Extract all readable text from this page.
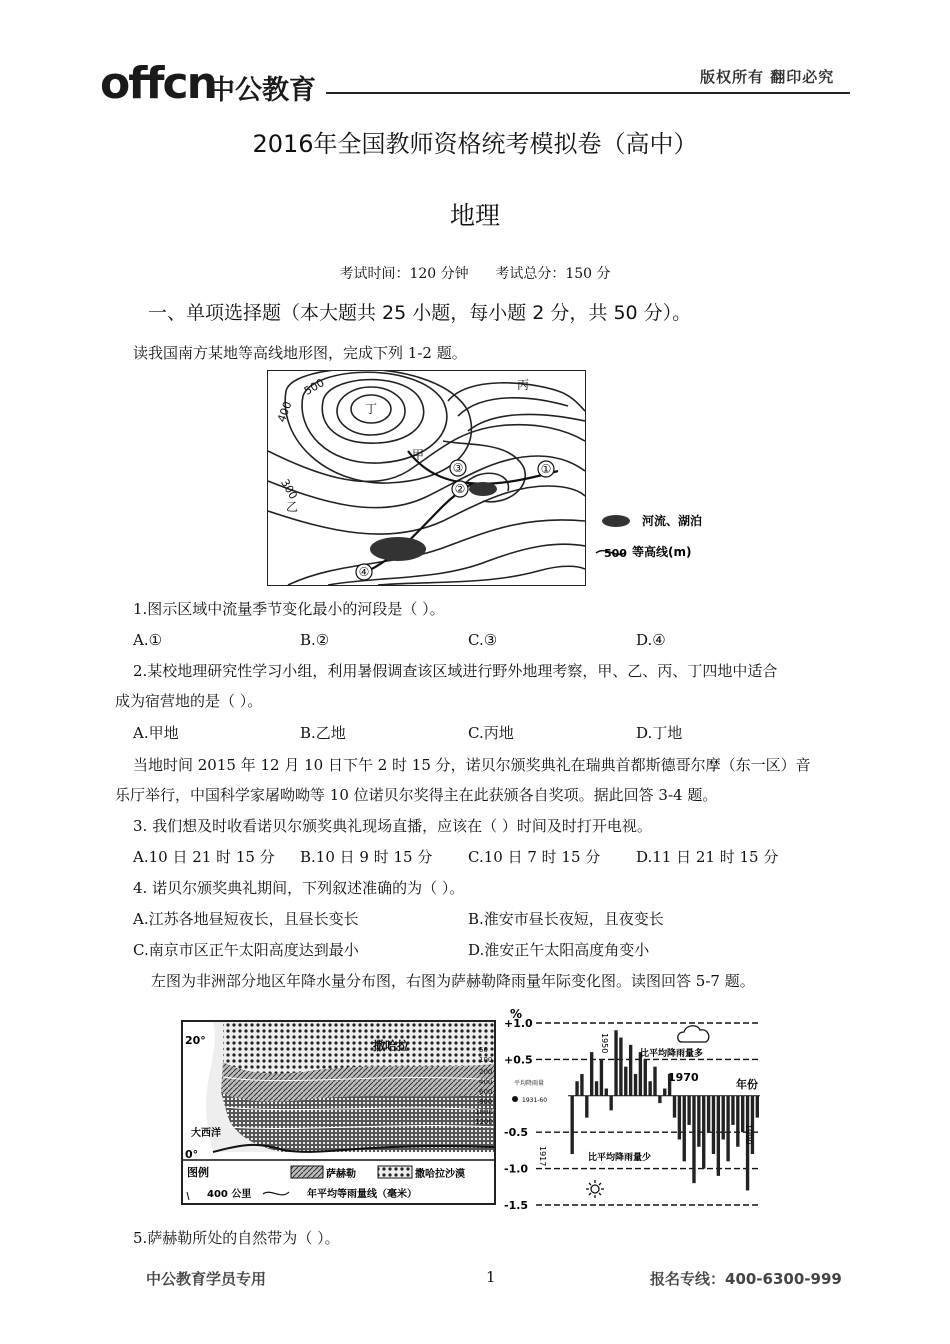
offcn
中公教育	版权所有 翻印必究
2016年全国教师资格统考模拟卷（高中）
地理
考试时间：120 分钟      考试总分：150 分
一、单项选择题（本大题共 25 小题，每小题 2 分，共 50 分）。
读我国南方某地等高线地形图，完成下列 1-2 题。
①
②
③
④
500
400
300
乙
甲
丙
丁
河流、湖泊
500 等高线(m)
1.图示区域中流量季节变化最小的河段是（ ）。
A.①	B.②	C.③	D.④
2.某校地理研究性学习小组，利用暑假调查该区域进行野外地理考察，甲、乙、丙、丁四地中适合
成为宿营地的是（ ）。
A.甲地	B.乙地	C.丙地	D.丁地
当地时间 2015 年 12 月 10 日下午 2 时 15 分，诺贝尔颁奖典礼在瑞典首都斯德哥尔摩（东一区）音
乐厅举行，中国科学家屠呦呦等 10 位诺贝尔奖得主在此获颁各自奖项。据此回答 3-4 题。
3. 我们想及时收看诺贝尔颁奖典礼现场直播，应该在（ ）时间及时打开电视。
A.10 日 21 时 15 分 B.10 日 9 时 15 分 C.10 日 7 时 15 分 D.11 日 21 时 15 分
4. 诺贝尔颁奖典礼期间，下列叙述准确的为（ ）。
A.江苏各地昼短夜长，且昼长变长	B.淮安市昼长夜短，且夜变长
C.南京市区正午太阳高度达到最小	D.淮安正午太阳高度角变小
左图为非洲部分地区年降水量分布图，右图为萨赫勒降雨量年际变化图。读图回答 5-7 题。
图例	萨赫勒	撒哈拉沙漠
400 公里	年平均等雨量线（毫米）
20°
0°
撒哈拉
大西洋
50
100
200
400
600
800
1000
1200
%
+1.0
+0.5
-0.5
-1.0
-1.5
1970
1950
1990
1917
年份
比平均降雨量多
比平均降雨量少
平均降雨量
1931-60
5.萨赫勒所处的自然带为（ ）。
中公教育学员专用	1	报名专线：400-6300-999
